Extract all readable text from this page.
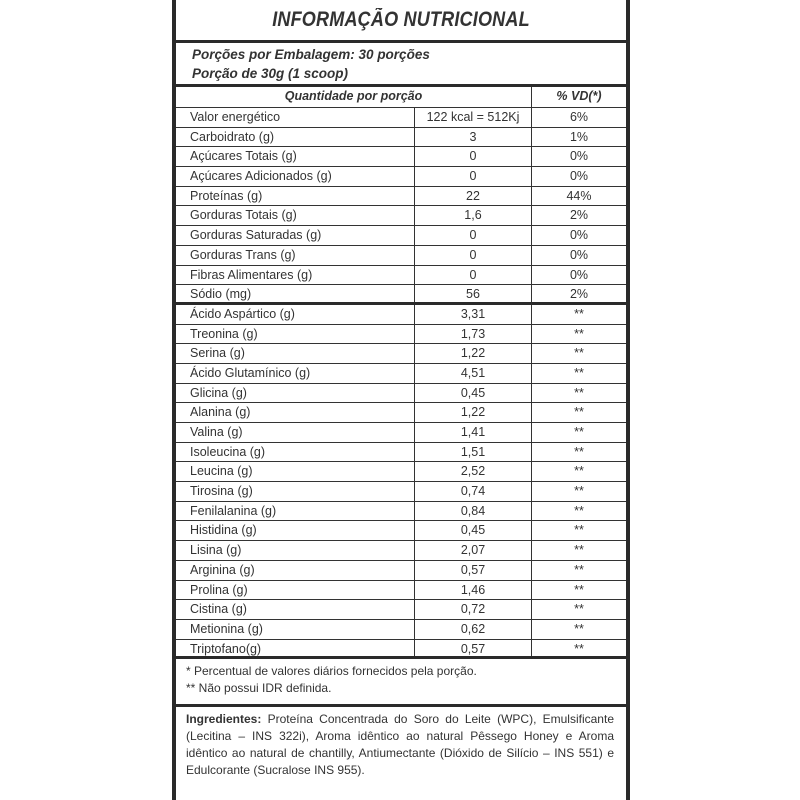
INFORMAÇÃO NUTRICIONAL
Porções por Embalagem: 30 porções
Porção de 30g (1 scoop)
Quantidade por porção	% VD(*)
Valor energético	122 kcal = 512Kj	6%
Carboidrato (g)	3	1%
Açúcares Totais (g)	0	0%
Açúcares Adicionados (g)	0	0%
Proteínas (g)	22	44%
Gorduras Totais (g)	1,6	2%
Gorduras Saturadas (g)	0	0%
Gorduras Trans (g)	0	0%
Fibras Alimentares (g)	0	0%
Sódio (mg)	56	2%
Ácido Aspártico (g)	3,31	**
Treonina (g)	1,73	**
Serina (g)	1,22	**
Ácido Glutamínico (g)	4,51	**
Glicina (g)	0,45	**
Alanina (g)	1,22	**
Valina (g)	1,41	**
Isoleucina (g)	1,51	**
Leucina (g)	2,52	**
Tirosina (g)	0,74	**
Fenilalanina (g)	0,84	**
Histidina (g)	0,45	**
Lisina (g)	2,07	**
Arginina (g)	0,57	**
Prolina (g)	1,46	**
Cistina (g)	0,72	**
Metionina (g)	0,62	**
Triptofano(g)	0,57	**
* Percentual de valores diários fornecidos pela porção.
** Não possui IDR definida.
Ingredientes: Proteína Concentrada do Soro do Leite (WPC), Emulsificante (Lecitina – INS 322i), Aroma idêntico ao natural Pêssego Honey e Aroma idêntico ao natural de chantilly, Antiumectante (Dióxido de Silício – INS 551) e Edulcorante (Sucralose INS 955).
